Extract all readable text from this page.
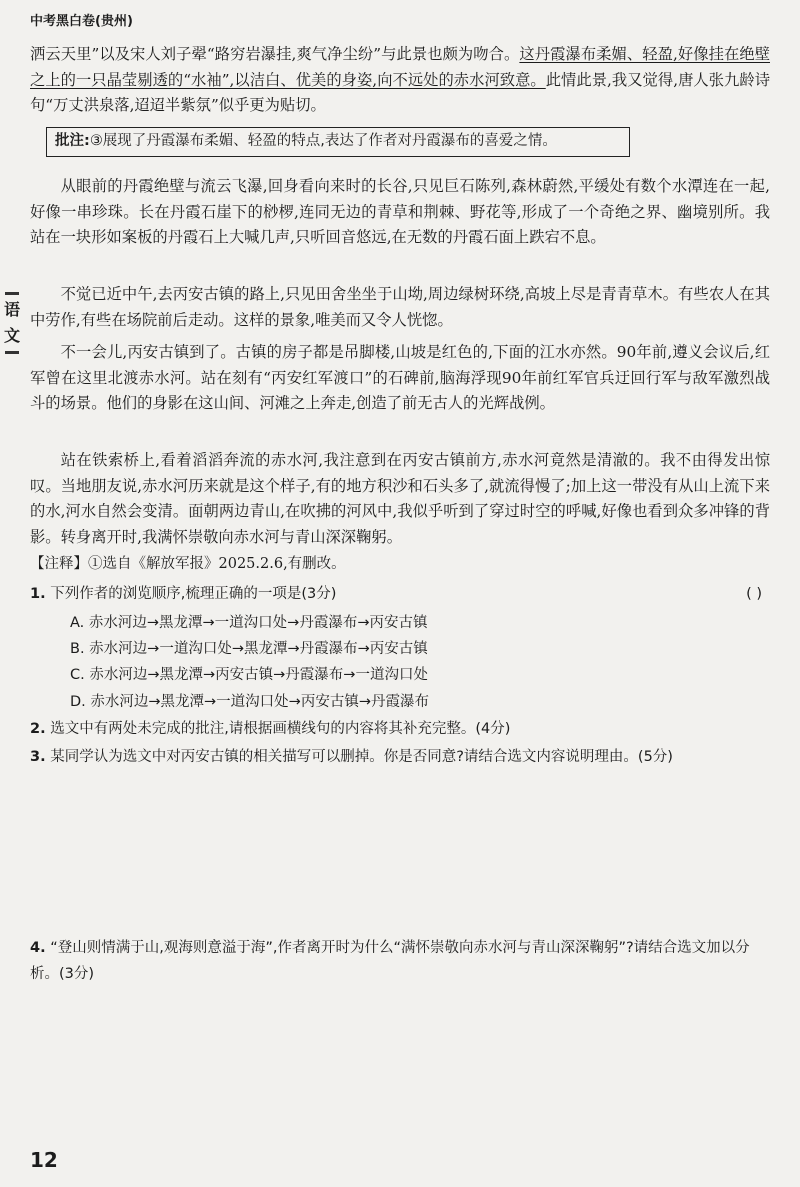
中考黑白卷(贵州)
语
文
洒云天里”以及宋人刘子翚“路穷岩瀑挂,爽气净尘纷”与此景也颇为吻合。这丹霞瀑布柔媚、轻盈,好像挂在绝壁之上的一只晶莹剔透的“水袖”,以洁白、优美的身姿,向不远处的赤水河致意。此情此景,我又觉得,唐人张九龄诗句“万丈洪泉落,迢迢半紫氛”似乎更为贴切。
批注:③展现了丹霞瀑布柔媚、轻盈的特点,表达了作者对丹霞瀑布的喜爱之情。
从眼前的丹霞绝壁与流云飞瀑,回身看向来时的长谷,只见巨石陈列,森林蔚然,平缓处有数个水潭连在一起,好像一串珍珠。长在丹霞石崖下的桫椤,连同无边的青草和荆棘、野花等,形成了一个奇绝之界、幽境别所。我站在一块形如案板的丹霞石上大喊几声,只听回音悠远,在无数的丹霞石面上跌宕不息。
不觉已近中午,去丙安古镇的路上,只见田舍坐坐于山坳,周边绿树环绕,高坡上尽是青青草木。有些农人在其中劳作,有些在场院前后走动。这样的景象,唯美而又令人恍惚。
不一会儿,丙安古镇到了。古镇的房子都是吊脚楼,山坡是红色的,下面的江水亦然。90年前,遵义会议后,红军曾在这里北渡赤水河。站在刻有“丙安红军渡口”的石碑前,脑海浮现90年前红军官兵迂回行军与敌军激烈战斗的场景。他们的身影在这山间、河滩之上奔走,创造了前无古人的光辉战例。
站在铁索桥上,看着滔滔奔流的赤水河,我注意到在丙安古镇前方,赤水河竟然是清澈的。我不由得发出惊叹。当地朋友说,赤水河历来就是这个样子,有的地方积沙和石头多了,就流得慢了;加上这一带没有从山上流下来的水,河水自然会变清。面朝两边青山,在吹拂的河风中,我似乎听到了穿过时空的呼喊,好像也看到众多冲锋的背影。转身离开时,我满怀崇敬向赤水河与青山深深鞠躬。
【注释】①选自《解放军报》2025.2.6,有删改。
1. 下列作者的浏览顺序,梳理正确的一项是(3分)	( )
A. 赤水河边→黑龙潭→一道沟口处→丹霞瀑布→丙安古镇
B. 赤水河边→一道沟口处→黑龙潭→丹霞瀑布→丙安古镇
C. 赤水河边→黑龙潭→丙安古镇→丹霞瀑布→一道沟口处
D. 赤水河边→黑龙潭→一道沟口处→丙安古镇→丹霞瀑布
2. 选文中有两处未完成的批注,请根据画横线句的内容将其补充完整。(4分)
3. 某同学认为选文中对丙安古镇的相关描写可以删掉。你是否同意?请结合选文内容说明理由。(5分)
4. “登山则情满于山,观海则意溢于海”,作者离开时为什么“满怀崇敬向赤水河与青山深深鞠躬”?请结合选文加以分析。(3分)
12
